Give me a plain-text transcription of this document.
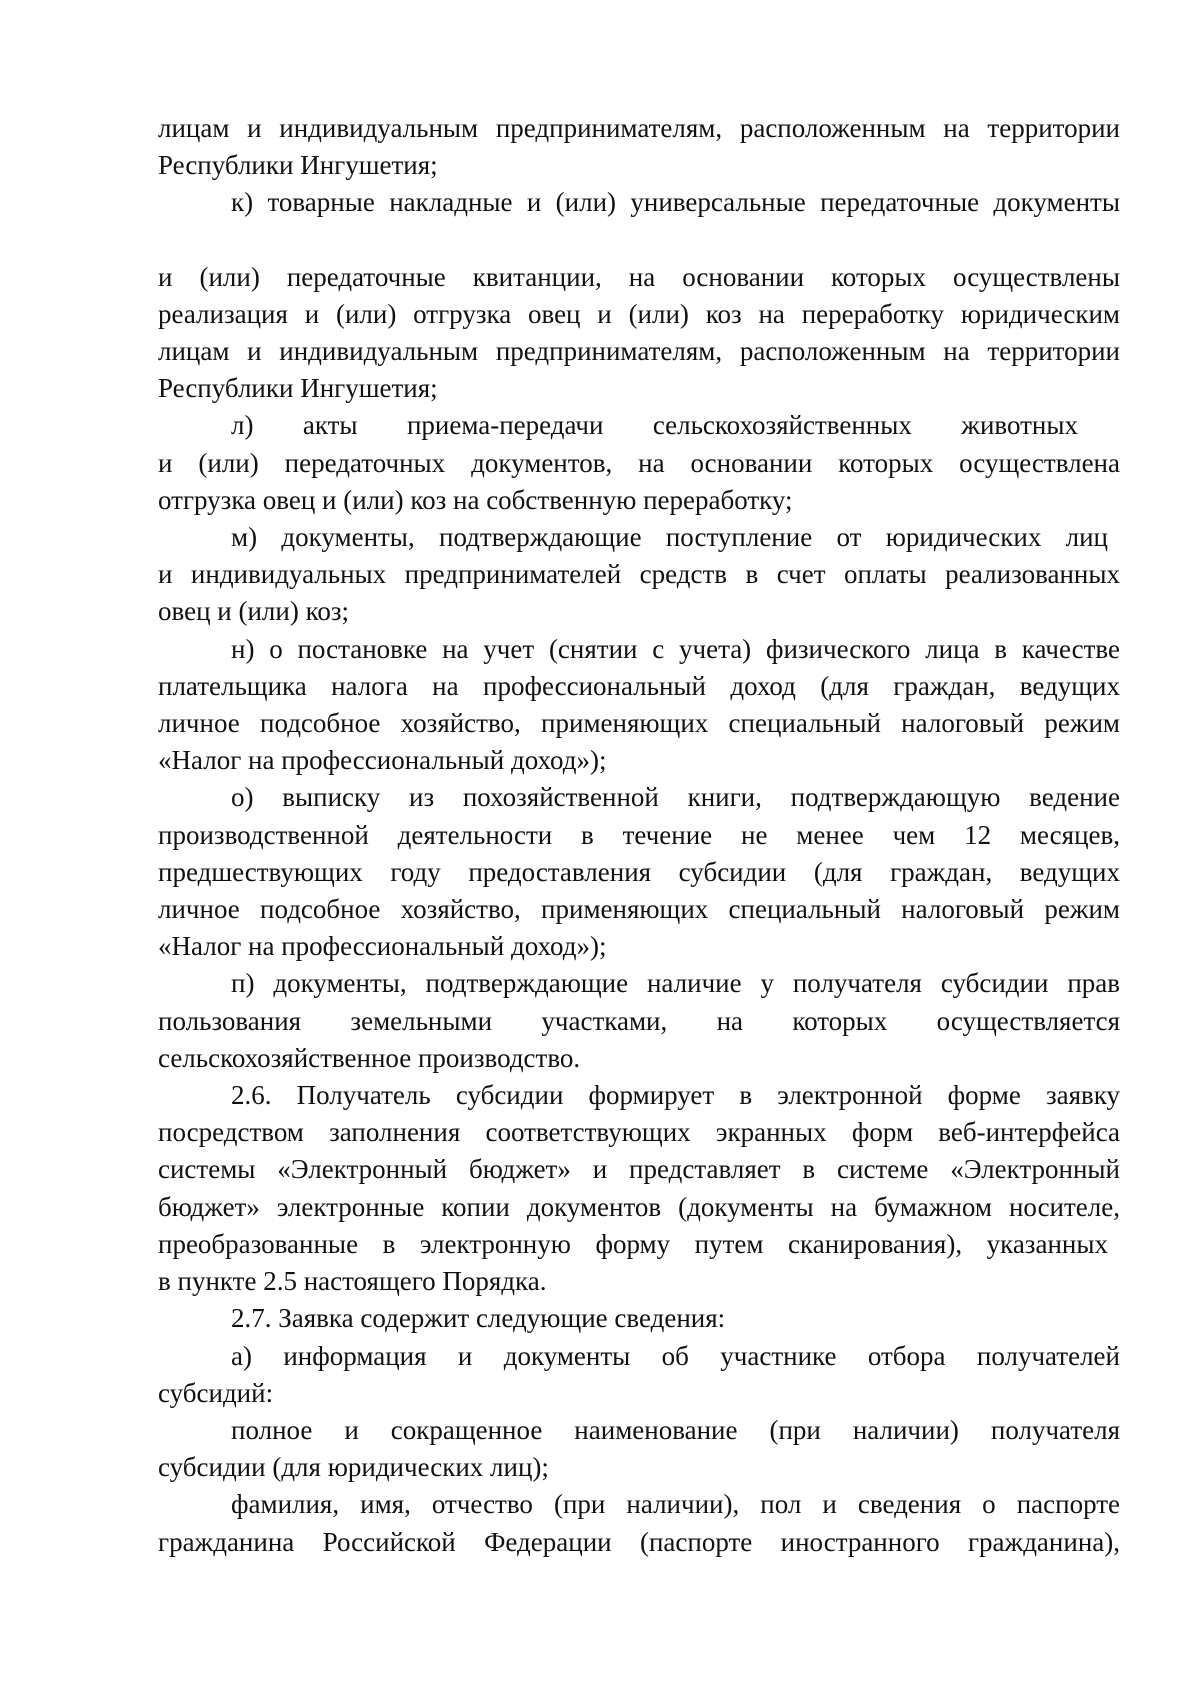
лицам и индивидуальным предпринимателям, расположенным на территории
Республики Ингушетия;
к) товарные накладные и (или) универсальные передаточные документы
и (или) передаточные квитанции, на основании которых осуществлены
реализация и (или) отгрузка овец и (или) коз на переработку юридическим
лицам и индивидуальным предпринимателям, расположенным на территории
Республики Ингушетия;
л) акты приема-передачи сельскохозяйственных животных
и (или) передаточных документов, на основании которых осуществлена
отгрузка овец и (или) коз на собственную переработку;
м) документы, подтверждающие поступление от юридических лиц
и индивидуальных предпринимателей средств в счет оплаты реализованных
овец и (или) коз;
н) о постановке на учет (снятии с учета) физического лица в качестве
плательщика налога на профессиональный доход (для граждан, ведущих
личное подсобное хозяйство, применяющих специальный налоговый режим
«Налог на профессиональный доход»);
о) выписку из похозяйственной книги, подтверждающую ведение
производственной деятельности в течение не менее чем 12 месяцев,
предшествующих году предоставления субсидии (для граждан, ведущих
личное подсобное хозяйство, применяющих специальный налоговый режим
«Налог на профессиональный доход»);
п) документы, подтверждающие наличие у получателя субсидии прав
пользования земельными участками, на которых осуществляется
сельскохозяйственное производство.
2.6. Получатель субсидии формирует в электронной форме заявку
посредством заполнения соответствующих экранных форм веб-интерфейса
системы «Электронный бюджет» и представляет в системе «Электронный
бюджет» электронные копии документов (документы на бумажном носителе,
преобразованные в электронную форму путем сканирования), указанных
в пункте 2.5 настоящего Порядка.
2.7. Заявка содержит следующие сведения:
а) информация и документы об участнике отбора получателей
субсидий:
полное и сокращенное наименование (при наличии) получателя
субсидии (для юридических лиц);
фамилия, имя, отчество (при наличии), пол и сведения о паспорте
гражданина Российской Федерации (паспорте иностранного гражданина),
